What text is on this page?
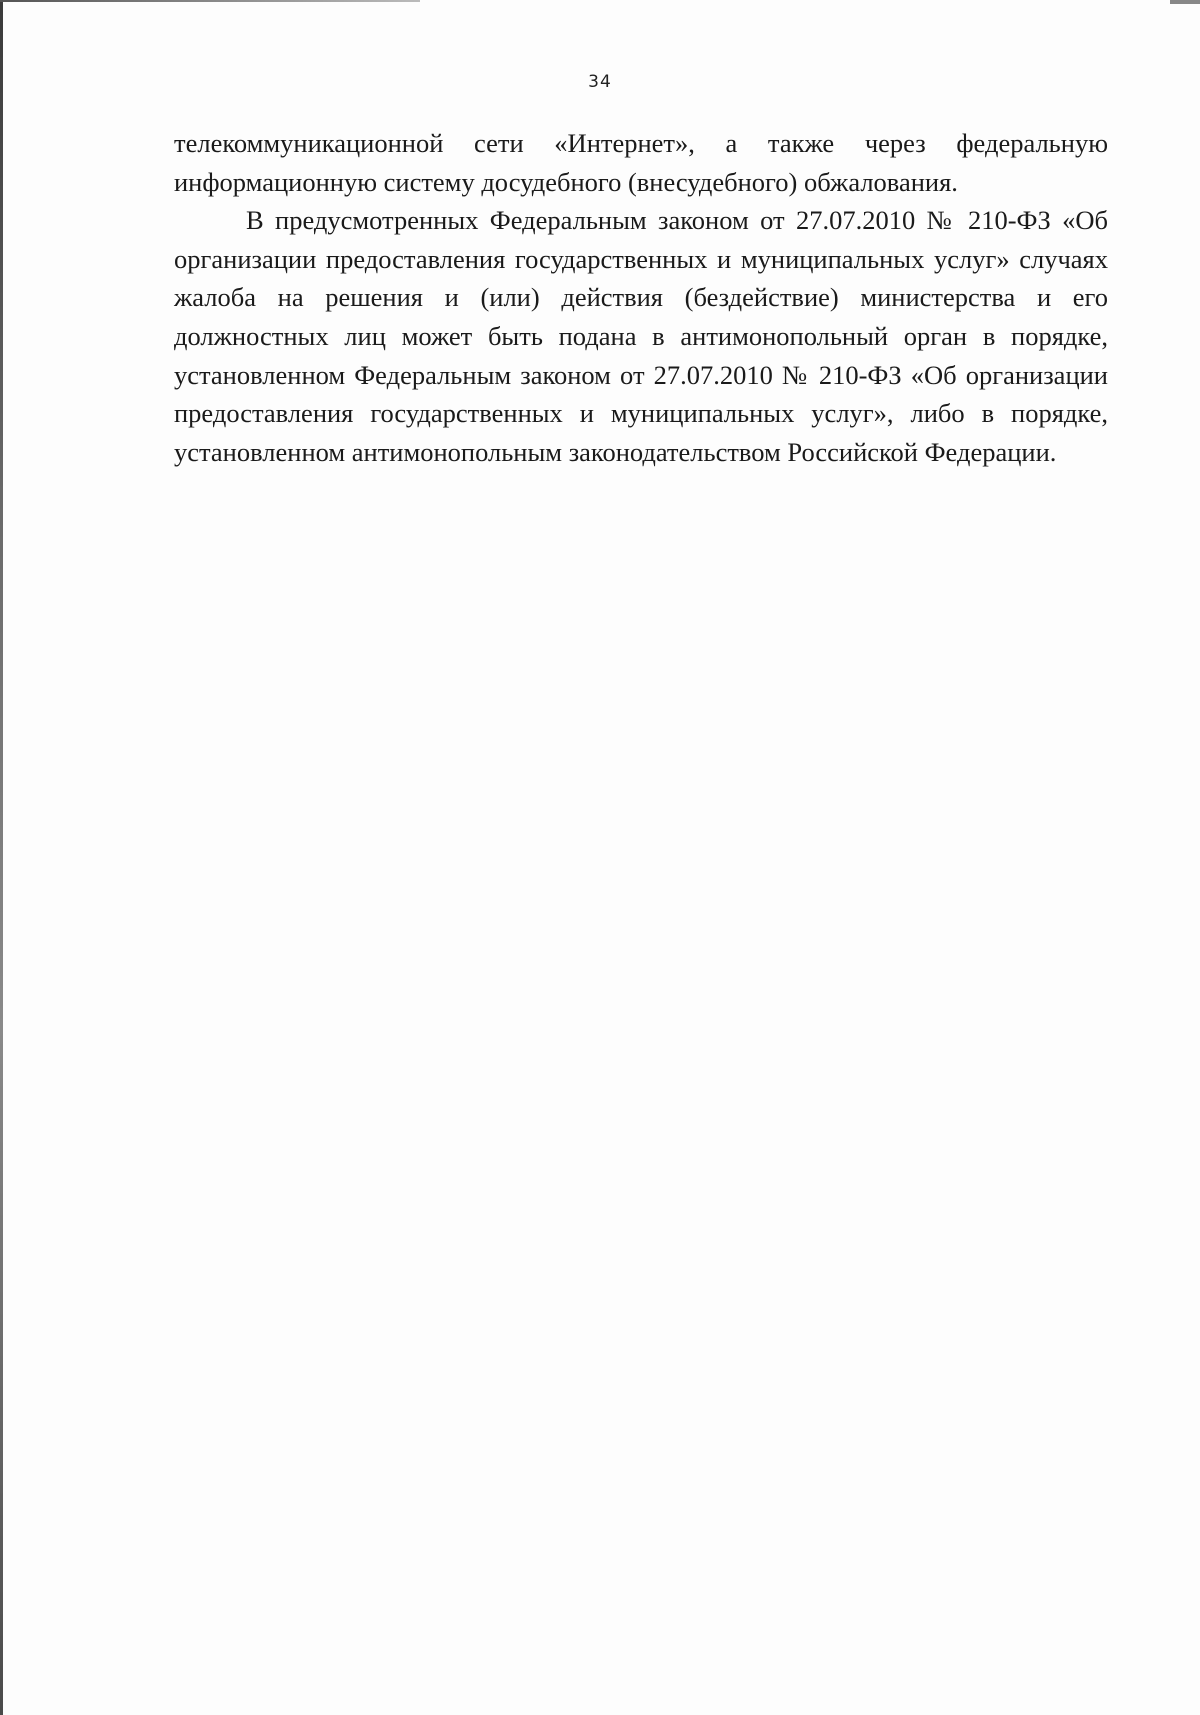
34

телекоммуникационной сети «Интернет», а также через федеральную информационную систему досудебного (внесудебного) обжалования.

В предусмотренных Федеральным законом от 27.07.2010 № 210-ФЗ «Об организации предоставления государственных и муниципальных услуг» случаях жалоба на решения и (или) действия (бездействие) министерства и его должностных лиц может быть подана в антимонопольный орган в порядке, установленном Федеральным законом от 27.07.2010 № 210-ФЗ «Об организации предоставления государственных и муниципальных услуг», либо в порядке, установленном антимонопольным законодательством Российской Федерации.
